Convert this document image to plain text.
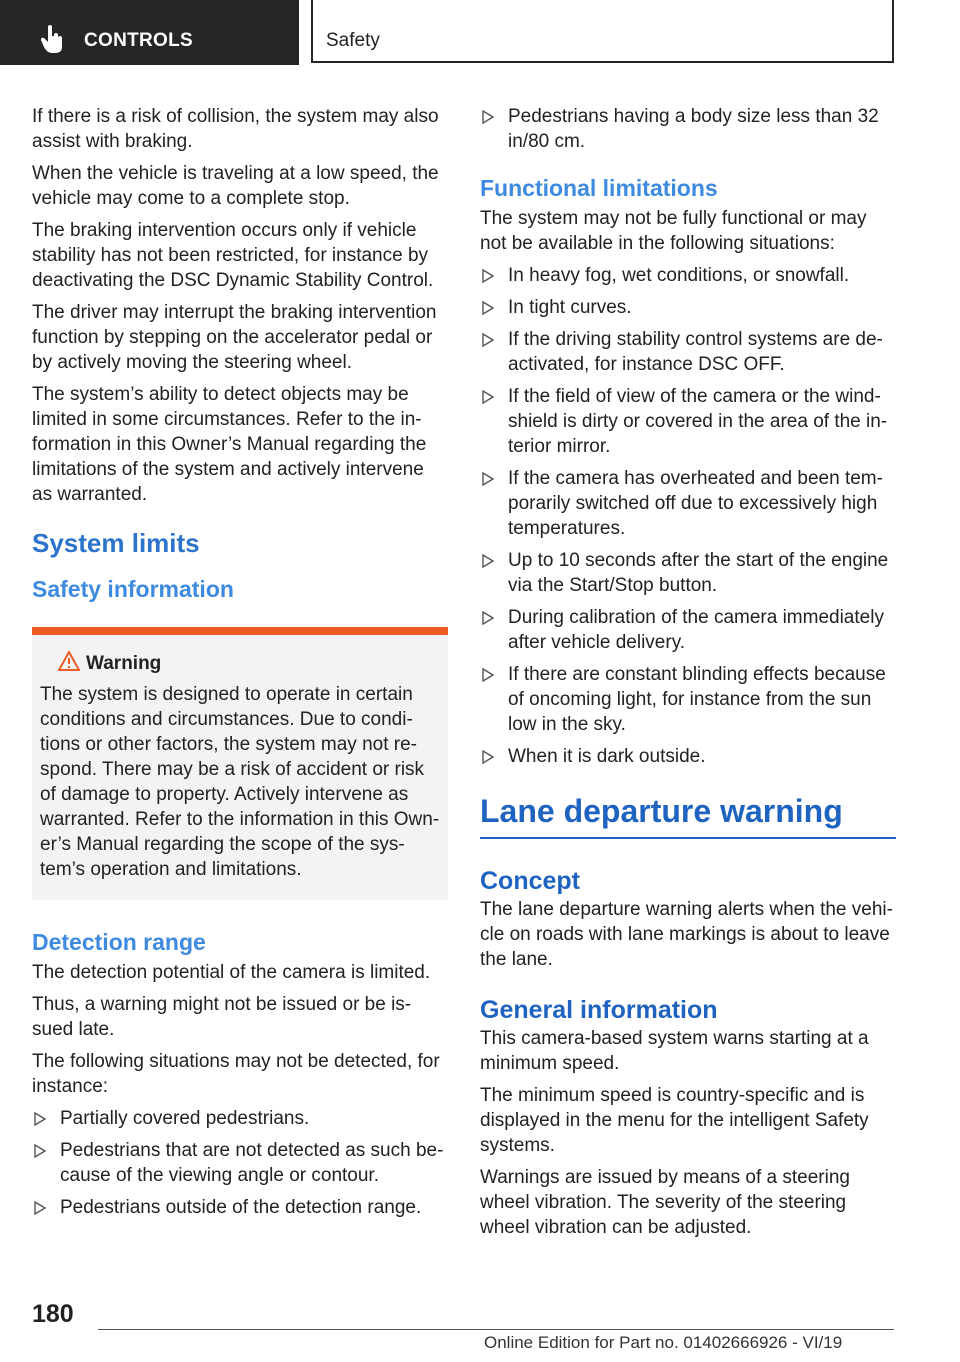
CONTROLS	Safety

If there is a risk of collision, the system may also assist with braking.

When the vehicle is traveling at a low speed, the vehicle may come to a complete stop.

The braking intervention occurs only if vehicle stability has not been restricted, for instance by deactivating the DSC Dynamic Stability Control.

The driver may interrupt the braking intervention function by stepping on the accelerator pedal or by actively moving the steering wheel.

The system’s ability to detect objects may be limited in some circumstances. Refer to the in-formation in this Owner’s Manual regarding the limitations of the system and actively intervene as warranted.

System limits
Safety information
Warning

The system is designed to operate in certain conditions and circumstances. Due to condi-tions or other factors, the system may not re-spond. There may be a risk of accident or risk of damage to property. Actively intervene as warranted. Refer to the information in this Own-er’s Manual regarding the scope of the sys-tem’s operation and limitations.

Detection range

The detection potential of the camera is limited.

Thus, a warning might not be issued or be is-sued late.

The following situations may not be detected, for instance:

Partially covered pedestrians.
Pedestrians that are not detected as such be-cause of the viewing angle or contour.
Pedestrians outside of the detection range.
Pedestrians having a body size less than 32 in/80 cm.
Functional limitations

The system may not be fully functional or may not be available in the following situations:

In heavy fog, wet conditions, or snowfall.
In tight curves.
If the driving stability control systems are de-activated, for instance DSC OFF.
If the field of view of the camera or the wind-shield is dirty or covered in the area of the in-terior mirror.
If the camera has overheated and been tem-porarily switched off due to excessively high temperatures.
Up to 10 seconds after the start of the engine via the Start/Stop button.
During calibration of the camera immediately after vehicle delivery.
If there are constant blinding effects because of oncoming light, for instance from the sun low in the sky.
When it is dark outside.
Lane departure warning
Concept

The lane departure warning alerts when the vehi-cle on roads with lane markings is about to leave the lane.

General information

This camera-based system warns starting at a minimum speed.

The minimum speed is country-specific and is displayed in the menu for the intelligent Safety systems.

Warnings are issued by means of a steering wheel vibration. The severity of the steering wheel vibration can be adjusted.

180
Online Edition for Part no. 01402666926 - VI/19
